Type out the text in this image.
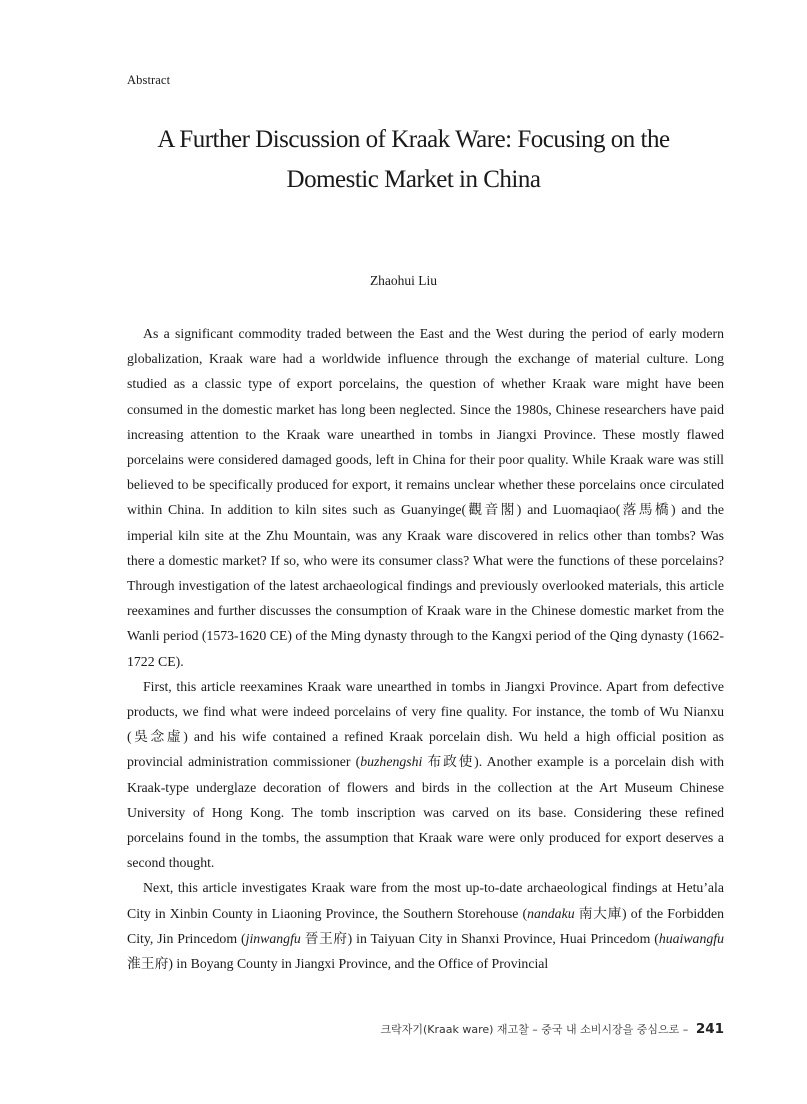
Abstract
A Further Discussion of Kraak Ware: Focusing on the
Domestic Market in China
Zhaohui Liu

As a significant commodity traded between the East and the West during the period of early modern globalization, Kraak ware had a worldwide influence through the exchange of material culture. Long studied as a classic type of export porcelains, the question of whether Kraak ware might have been consumed in the domestic market has long been neglected. Since the 1980s, Chinese researchers have paid increasing attention to the Kraak ware unearthed in tombs in Jiangxi Province. These mostly flawed porcelains were considered damaged goods, left in China for their poor quality. While Kraak ware was still believed to be specifically produced for export, it remains unclear whether these porcelains once circulated within China. In addition to kiln sites such as Guanyinge(觀音閣) and Luomaqiao(落馬橋) and the imperial kiln site at the Zhu Mountain, was any Kraak ware discovered in relics other than tombs? Was there a domestic market? If so, who were its consumer class? What were the functions of these porcelains? Through investigation of the latest archaeological findings and previously overlooked materials, this article reexamines and further discusses the consumption of Kraak ware in the Chinese domestic market from the Wanli period (1573-1620 CE) of the Ming dynasty through to the Kangxi period of the Qing dynasty (1662-1722 CE).

First, this article reexamines Kraak ware unearthed in tombs in Jiangxi Province. Apart from defective products, we find what were indeed porcelains of very fine quality. For instance, the tomb of Wu Nianxu (吳念虛) and his wife contained a refined Kraak porcelain dish. Wu held a high official position as provincial administration commissioner (buzhengshi 布政使). Another example is a porcelain dish with Kraak-type underglaze decoration of flowers and birds in the collection at the Art Museum Chinese University of Hong Kong. The tomb inscription was carved on its base. Considering these refined porcelains found in the tombs, the assumption that Kraak ware were only produced for export deserves a second thought.

Next, this article investigates Kraak ware from the most up-to-date archaeological findings at Hetu’ala City in Xinbin County in Liaoning Province, the Southern Storehouse (nandaku 南大庫) of the Forbidden City, Jin Princedom (jinwangfu 晉王府) in Taiyuan City in Shanxi Province, Huai Princedom (huaiwangfu 淮王府) in Boyang County in Jiangxi Province, and the Office of Provincial

크락자기(Kraak ware) 재고찰 – 중국 내 소비시장을 중심으로 – 241
